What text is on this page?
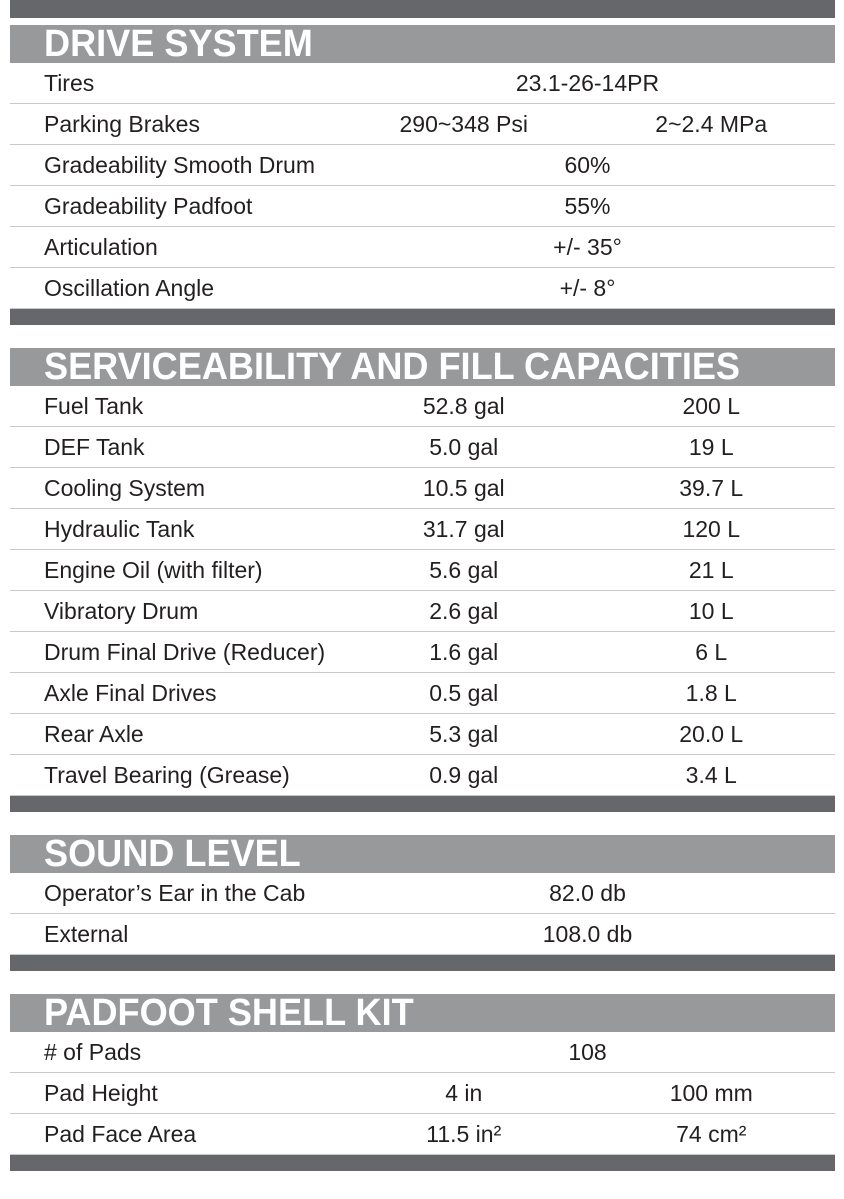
DRIVE SYSTEM
Tires	23.1-26-14PR
Parking Brakes	290~348 Psi	2~2.4 MPa
Gradeability Smooth Drum	60%
Gradeability Padfoot	55%
Articulation	+/- 35°
Oscillation Angle	+/- 8°
SERVICEABILITY AND FILL CAPACITIES
Fuel Tank	52.8 gal	200 L
DEF Tank	5.0 gal	19 L
Cooling System	10.5 gal	39.7 L
Hydraulic Tank	31.7 gal	120 L
Engine Oil (with filter)	5.6 gal	21 L
Vibratory Drum	2.6 gal	10 L
Drum Final Drive (Reducer)	1.6 gal	6 L
Axle Final Drives	0.5 gal	1.8 L
Rear Axle	5.3 gal	20.0 L
Travel Bearing (Grease)	0.9 gal	3.4 L
SOUND LEVEL
Operator’s Ear in the Cab	82.0 db
External	108.0 db
PADFOOT SHELL KIT
# of Pads	108
Pad Height	4 in	100 mm
Pad Face Area	11.5 in²	74 cm²
